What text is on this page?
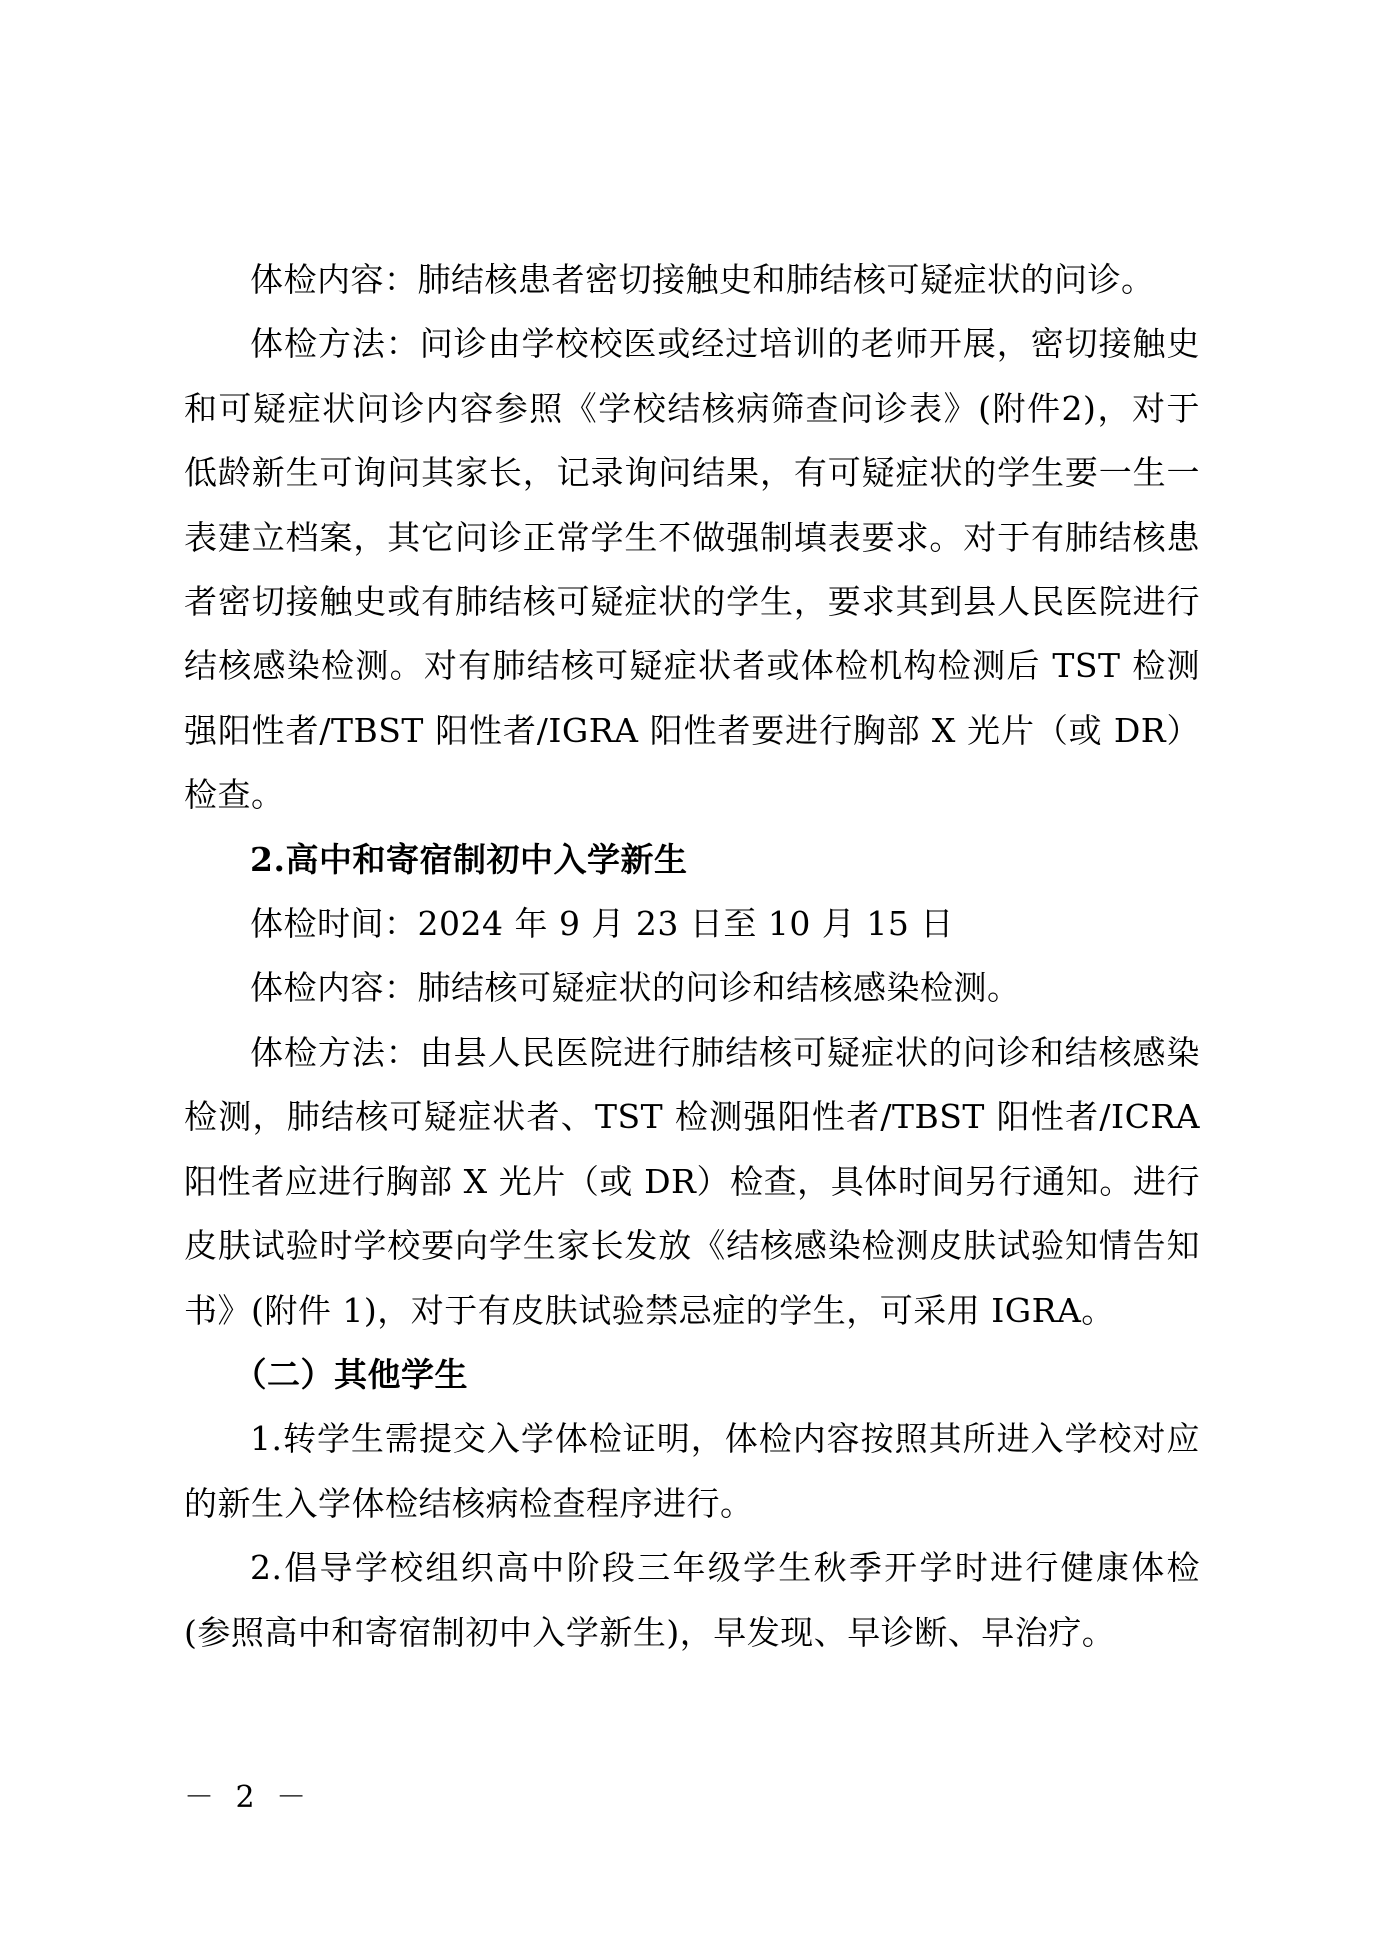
体检内容：肺结核患者密切接触史和肺结核可疑症状的问诊。

体检方法：问诊由学校校医或经过培训的老师开展，密切接触史和可疑症状问诊内容参照《学校结核病筛查问诊表》(附件2)，对于低龄新生可询问其家长，记录询问结果，有可疑症状的学生要一生一表建立档案，其它问诊正常学生不做强制填表要求。对于有肺结核患者密切接触史或有肺结核可疑症状的学生，要求其到县人民医院进行结核感染检测。对有肺结核可疑症状者或体检机构检测后 TST 检测强阳性者/TBST 阳性者/IGRA 阳性者要进行胸部 X 光片（或 DR）检查。

2.高中和寄宿制初中入学新生

体检时间：2024 年 9 月 23 日至 10 月 15 日

体检内容：肺结核可疑症状的问诊和结核感染检测。

体检方法：由县人民医院进行肺结核可疑症状的问诊和结核感染检测，肺结核可疑症状者、TST 检测强阳性者/TBST 阳性者/ICRA 阳性者应进行胸部 X 光片（或 DR）检查，具体时间另行通知。进行皮肤试验时学校要向学生家长发放《结核感染检测皮肤试验知情告知书》(附件 1)，对于有皮肤试验禁忌症的学生，可采用 IGRA。

（二）其他学生

1.转学生需提交入学体检证明，体检内容按照其所进入学校对应的新生入学体检结核病检查程序进行。

2.倡导学校组织高中阶段三年级学生秋季开学时进行健康体检(参照高中和寄宿制初中入学新生)，早发现、早诊断、早治疗。

－ 2 －
